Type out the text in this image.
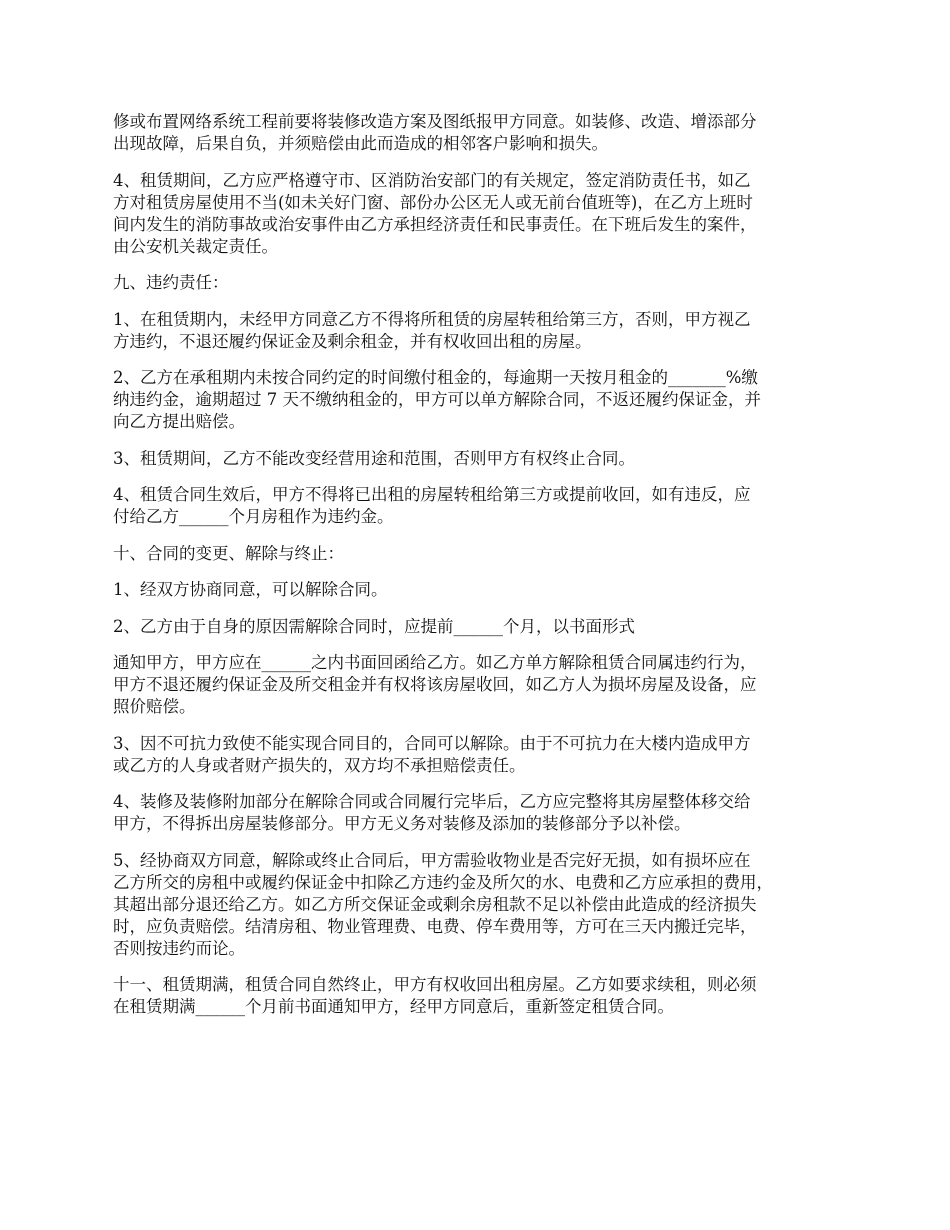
修或布置网络系统工程前要将装修改造方案及图纸报甲方同意。如装修、改造、增添部分
出现故障，后果自负，并须赔偿由此而造成的相邻客户影响和损失。

4、租赁期间，乙方应严格遵守市、区消防治安部门的有关规定，签定消防责任书，如乙
方对租赁房屋使用不当(如未关好门窗、部份办公区无人或无前台值班等)，在乙方上班时
间内发生的消防事故或治安事件由乙方承担经济责任和民事责任。在下班后发生的案件，
由公安机关裁定责任。

九、违约责任：

1、在租赁期内，未经甲方同意乙方不得将所租赁的房屋转租给第三方，否则，甲方视乙
方违约，不退还履约保证金及剩余租金，并有权收回出租的房屋。

2、乙方在承租期内未按合同约定的时间缴付租金的，每逾期一天按月租金的_______%缴
纳违约金，逾期超过 7 天不缴纳租金的，甲方可以单方解除合同，不返还履约保证金，并
向乙方提出赔偿。

3、租赁期间，乙方不能改变经营用途和范围，否则甲方有权终止合同。

4、租赁合同生效后，甲方不得将已出租的房屋转租给第三方或提前收回，如有违反，应
付给乙方______个月房租作为违约金。

十、合同的变更、解除与终止：

1、经双方协商同意，可以解除合同。

2、乙方由于自身的原因需解除合同时，应提前______个月，以书面形式

通知甲方，甲方应在______之内书面回函给乙方。如乙方单方解除租赁合同属违约行为，
甲方不退还履约保证金及所交租金并有权将该房屋收回，如乙方人为损坏房屋及设备，应
照价赔偿。

3、因不可抗力致使不能实现合同目的，合同可以解除。由于不可抗力在大楼内造成甲方
或乙方的人身或者财产损失的，双方均不承担赔偿责任。

4、装修及装修附加部分在解除合同或合同履行完毕后，乙方应完整将其房屋整体移交给
甲方，不得拆出房屋装修部分。甲方无义务对装修及添加的装修部分予以补偿。

5、经协商双方同意，解除或终止合同后，甲方需验收物业是否完好无损，如有损坏应在
乙方所交的房租中或履约保证金中扣除乙方违约金及所欠的水、电费和乙方应承担的费用，
其超出部分退还给乙方。如乙方所交保证金或剩余房租款不足以补偿由此造成的经济损失
时，应负责赔偿。结清房租、物业管理费、电费、停车费用等，方可在三天内搬迁完毕，
否则按违约而论。

十一、租赁期满，租赁合同自然终止，甲方有权收回出租房屋。乙方如要求续租，则必须
在租赁期满______个月前书面通知甲方，经甲方同意后，重新签定租赁合同。
